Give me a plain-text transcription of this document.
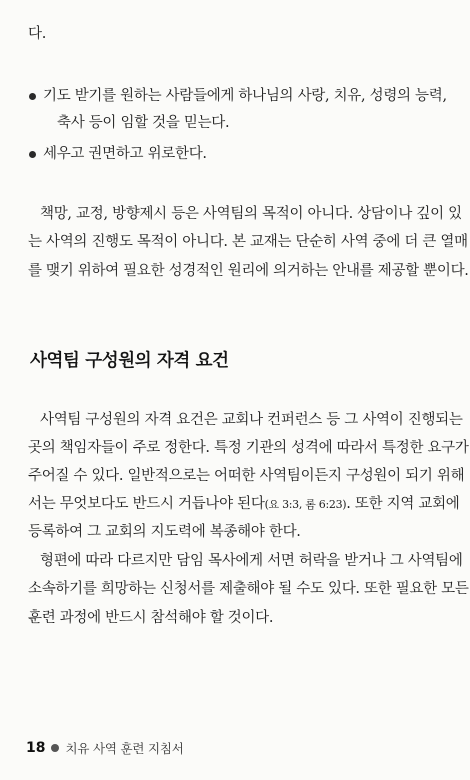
다.
기도 받기를 원하는 사람들에게 하나님의 사랑, 치유, 성령의 능력,
축사 등이 임할 것을 믿는다.
세우고 권면하고 위로한다.
책망, 교정, 방향제시 등은 사역팀의 목적이 아니다. 상담이나 깊이 있
는 사역의 진행도 목적이 아니다. 본 교재는 단순히 사역 중에 더 큰 열매
를 맺기 위하여 필요한 성경적인 원리에 의거하는 안내를 제공할 뿐이다.
사역팀 구성원의 자격 요건
사역팀 구성원의 자격 요건은 교회나 컨퍼런스 등 그 사역이 진행되는
곳의 책임자들이 주로 정한다. 특정 기관의 성격에 따라서 특정한 요구가
주어질 수 있다. 일반적으로는 어떠한 사역팀이든지 구성원이 되기 위해
서는 무엇보다도 반드시 거듭나야 된다(요 3:3, 롬 6:23). 또한 지역 교회에
등록하여 그 교회의 지도력에 복종해야 한다.
형편에 따라 다르지만 담임 목사에게 서면 허락을 받거나 그 사역팀에
소속하기를 희망하는 신청서를 제출해야 될 수도 있다. 또한 필요한 모든
훈련 과정에 반드시 참석해야 할 것이다.
18 치유 사역 훈련 지침서
